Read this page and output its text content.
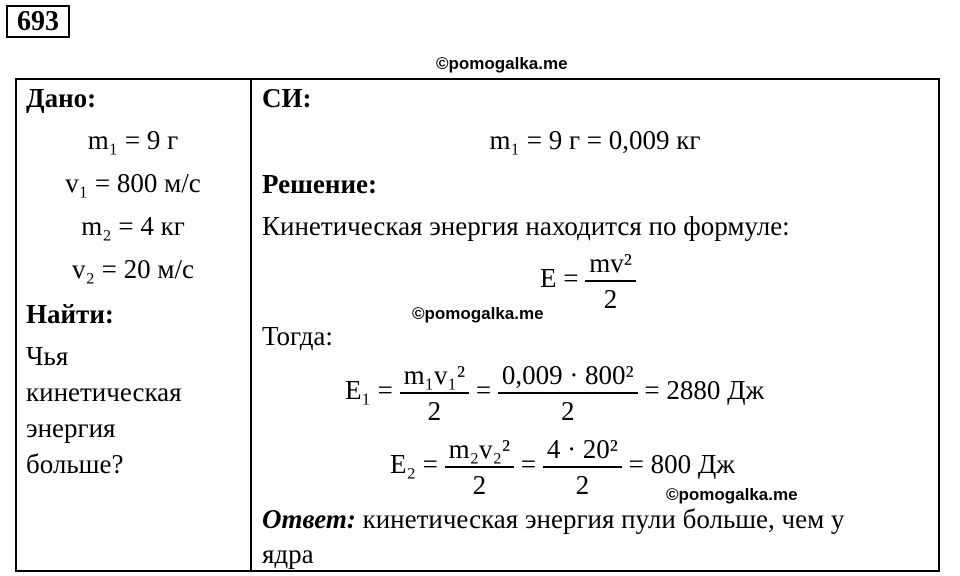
693
©pomogalka.me
Дано:
m₁ = 9 г
v₁ = 800 м/с
m₂ = 4 кг
v₂ = 20 м/с
Найти:
Чья
кинетическая
энергия
больше?
СИ:
m₁ = 9 г = 0,009 кг
Решение:
Кинетическая энергия находится по формуле:
$E = \frac{\text{mv²}}{2}$
©pomogalka.me
Тогда:
$E_1 = \frac{\text{m₁v₁²}}{2} = \frac{\text{0,009 · 800²}}{2} = 2880$ Дж
$E_2 = \frac{\text{m₂v₂²}}{2} = \frac{\text{4 · 20²}}{2} = 800$ Дж
©pomogalka.me
Ответ: кинетическая энергия пули больше, чем у
ядра
